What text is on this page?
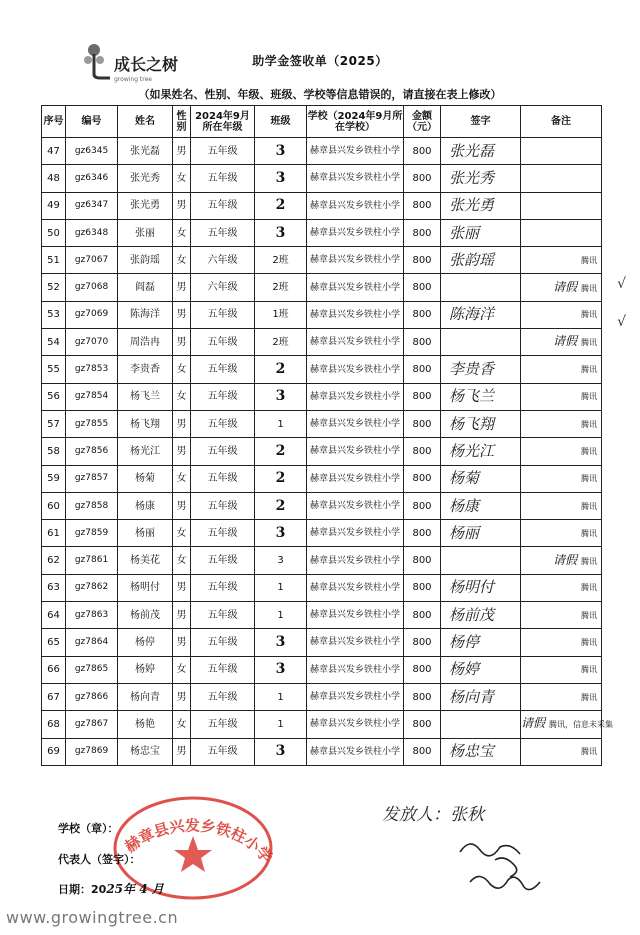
成长之树
growing tree
助学金签收单（2025）
（如果姓名、性别、年级、班级、学校等信息错误的，请直接在表上修改）
序号	编号	姓名	性别	2024年9月所在年级	班级	学校（2024年9月所在学校）	金额（元）	签字	备注
47	gz6345	张光磊	男	五年级	3	赫章县兴发乡铁柱小学	800	张光磊	
48	gz6346	张光秀	女	五年级	3	赫章县兴发乡铁柱小学	800	张光秀	
49	gz6347	张光勇	男	五年级	2	赫章县兴发乡铁柱小学	800	张光勇	
50	gz6348	张丽	女	五年级	3	赫章县兴发乡铁柱小学	800	张丽	
51	gz7067	张韵瑶	女	六年级	2班	赫章县兴发乡铁柱小学	800	张韵瑶	腾讯
52	gz7068	阎磊	男	六年级	2班	赫章县兴发乡铁柱小学	800		请假 腾讯
53	gz7069	陈海洋	男	五年级	1班	赫章县兴发乡铁柱小学	800	陈海洋	腾讯
54	gz7070	周浩冉	男	五年级	2班	赫章县兴发乡铁柱小学	800		请假 腾讯
55	gz7853	李贵香	女	五年级	2	赫章县兴发乡铁柱小学	800	李贵香	腾讯
56	gz7854	杨飞兰	女	五年级	3	赫章县兴发乡铁柱小学	800	杨飞兰	腾讯
57	gz7855	杨飞翔	男	五年级	1	赫章县兴发乡铁柱小学	800	杨飞翔	腾讯
58	gz7856	杨光江	男	五年级	2	赫章县兴发乡铁柱小学	800	杨光江	腾讯
59	gz7857	杨菊	女	五年级	2	赫章县兴发乡铁柱小学	800	杨菊	腾讯
60	gz7858	杨康	男	五年级	2	赫章县兴发乡铁柱小学	800	杨康	腾讯
61	gz7859	杨丽	女	五年级	3	赫章县兴发乡铁柱小学	800	杨丽	腾讯
62	gz7861	杨美花	女	五年级	3	赫章县兴发乡铁柱小学	800		请假 腾讯
63	gz7862	杨明付	男	五年级	1	赫章县兴发乡铁柱小学	800	杨明付	腾讯
64	gz7863	杨前茂	男	五年级	1	赫章县兴发乡铁柱小学	800	杨前茂	腾讯
65	gz7864	杨停	男	五年级	3	赫章县兴发乡铁柱小学	800	杨停	腾讯
66	gz7865	杨婷	女	五年级	3	赫章县兴发乡铁柱小学	800	杨婷	腾讯
67	gz7866	杨向青	男	五年级	1	赫章县兴发乡铁柱小学	800	杨向青	腾讯
68	gz7867	杨艳	女	五年级	1	赫章县兴发乡铁柱小学	800		请假 腾讯，信息未采集
69	gz7869	杨忠宝	男	五年级	3	赫章县兴发乡铁柱小学	800	杨忠宝	腾讯
√
√
赫章县兴发乡铁柱小学
学校（章）：
代表人（签字）：
日期：2025年 4 月
发放人：张秋
www.growingtree.cn
